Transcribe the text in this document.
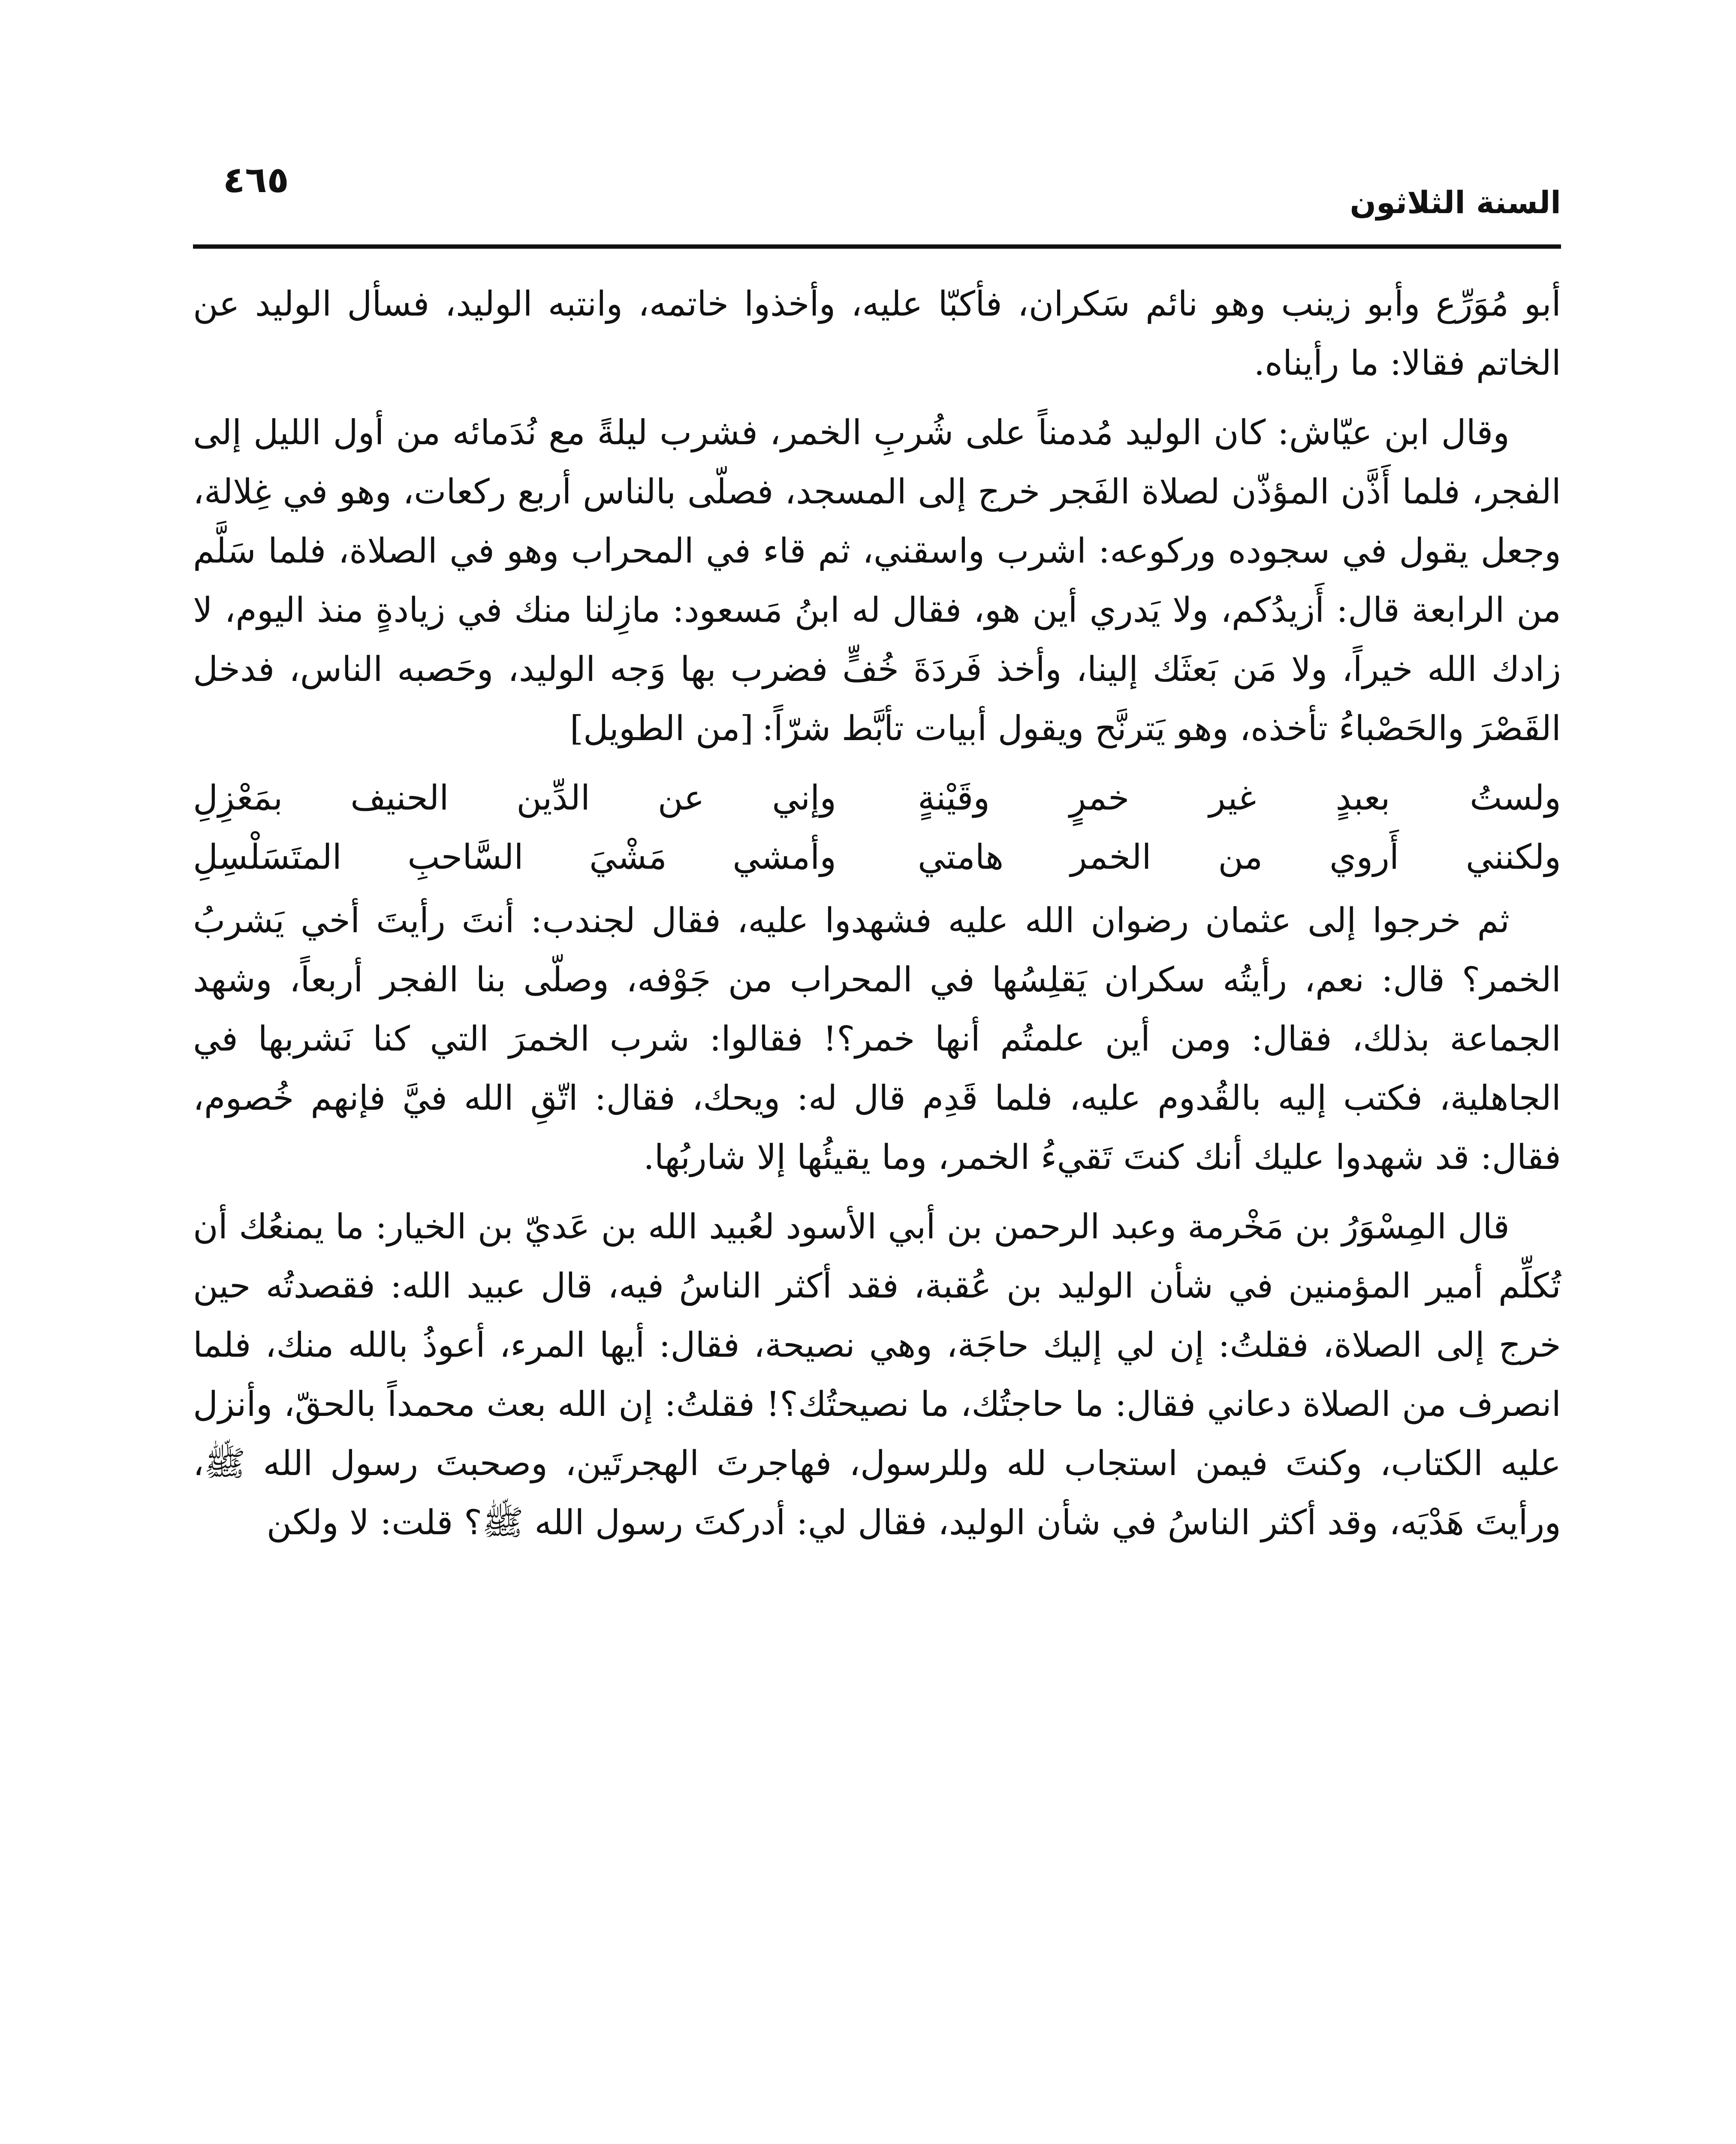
السنة الثلاثون
٤٦٥

أبو مُوَرِّع وأبو زينب وهو نائم سَكران، فأكبّا عليه، وأخذوا خاتمه، وانتبه الوليد، فسأل الوليد عن الخاتم فقالا: ما رأيناه.

وقال ابن عيّاش: كان الوليد مُدمناً على شُربِ الخمر، فشرب ليلةً مع نُدَمائه من أول الليل إلى الفجر، فلما أَذَّن المؤذّن لصلاة الفَجر خرج إلى المسجد، فصلّى بالناس أربع ركعات، وهو في غِلالة، وجعل يقول في سجوده وركوعه: اشرب واسقني، ثم قاء في المحراب وهو في الصلاة، فلما سَلَّم من الرابعة قال: أَزيدُكم، ولا يَدري أين هو، فقال له ابنُ مَسعود: مازِلنا منك في زيادةٍ منذ اليوم، لا زادك الله خيراً، ولا مَن بَعثَك إلينا، وأخذ فَردَةَ خُفٍّ فضرب بها وَجه الوليد، وحَصبه الناس، فدخل القَصْرَ والحَصْباءُ تأخذه، وهو يَترنَّح ويقول أبيات تأبَّط شرّاً:[من الطويل]

ولستُ بعبدٍ غير خمرٍ وقَيْنةٍ
وإني عن الدِّين الحنيف بمَعْزِلِ
ولكنني أَروي من الخمر هامتي
وأمشي مَشْيَ السَّاحبِ المتَسَلْسِلِ

ثم خرجوا إلى عثمان رضوان الله عليه فشهدوا عليه، فقال لجندب: أنتَ رأيتَ أخي يَشربُ الخمر؟ قال: نعم، رأيتُه سكران يَقلِسُها في المحراب من جَوْفه، وصلّى بنا الفجر أربعاً، وشهد الجماعة بذلك، فقال: ومن أين علمتُم أنها خمر؟! فقالوا: شرب الخمرَ التي كنا نَشربها في الجاهلية، فكتب إليه بالقُدوم عليه، فلما قَدِم قال له: ويحك، فقال: اتّقِ الله فيَّ فإنهم خُصوم، فقال: قد شهدوا عليك أنك كنتَ تَقيءُ الخمر، وما يقيئُها إلا شاربُها.

قال المِسْوَرُ بن مَخْرمة وعبد الرحمن بن أبي الأسود لعُبيد الله بن عَديّ بن الخيار: ما يمنعُك أن تُكلِّم أمير المؤمنين في شأن الوليد بن عُقبة، فقد أكثر الناسُ فيه، قال عبيد الله: فقصدتُه حين خرج إلى الصلاة، فقلتُ: إن لي إليك حاجَة، وهي نصيحة، فقال: أيها المرء، أعوذُ بالله منك، فلما انصرف من الصلاة دعاني فقال: ما حاجتُك، ما نصيحتُك؟! فقلتُ: إن الله بعث محمداً بالحقّ، وأنزل عليه الكتاب، وكنتَ فيمن استجاب لله وللرسول، فهاجرتَ الهجرتَين، وصحبتَ رسول الله ﷺ، ورأيتَ هَدْيَه، وقد أكثر الناسُ في شأن الوليد، فقال لي: أدركتَ رسول الله ﷺ؟ قلت: لا ولكن
